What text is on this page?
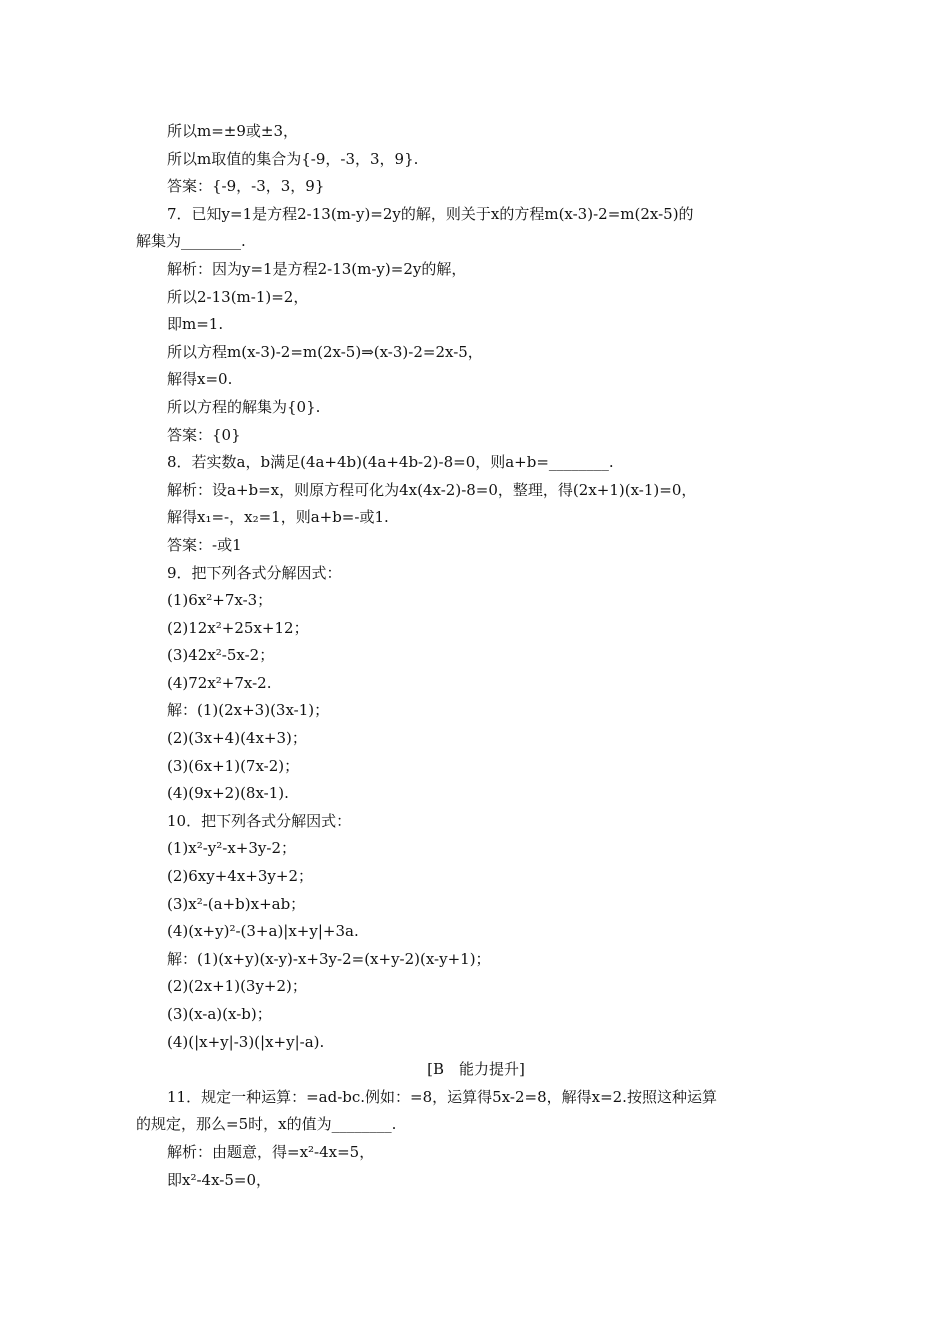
所以m=±9或±3，
所以m取值的集合为{-9，-3，3，9}.
答案：{-9，-3，3，9}
7．已知y=1是方程2-13(m-y)=2y的解，则关于x的方程m(x-3)-2=m(2x-5)的
解集为________.
解析：因为y=1是方程2-13(m-y)=2y的解，
所以2-13(m-1)=2，
即m=1.
所以方程m(x-3)-2=m(2x-5)⇒(x-3)-2=2x-5，
解得x=0.
所以方程的解集为{0}.
答案：{0}
8．若实数a，b满足(4a+4b)(4a+4b-2)-8=0，则a+b=________.
解析：设a+b=x，则原方程可化为4x(4x-2)-8=0，整理，得(2x+1)(x-1)=0，
解得x₁=-，x₂=1，则a+b=-或1.
答案：-或1
9．把下列各式分解因式：
(1)6x²+7x-3；
(2)12x²+25x+12；
(3)42x²-5x-2；
(4)72x²+7x-2.
解：(1)(2x+3)(3x-1)；
(2)(3x+4)(4x+3)；
(3)(6x+1)(7x-2)；
(4)(9x+2)(8x-1).
10．把下列各式分解因式：
(1)x²-y²-x+3y-2；
(2)6xy+4x+3y+2；
(3)x²-(a+b)x+ab；
(4)(x+y)²-(3+a)|x+y|+3a.
解：(1)(x+y)(x-y)-x+3y-2=(x+y-2)(x-y+1)；
(2)(2x+1)(3y+2)；
(3)(x-a)(x-b)；
(4)(|x+y|-3)(|x+y|-a).
[B　能力提升]
11．规定一种运算：=ad-bc.例如：=8，运算得5x-2=8，解得x=2.按照这种运算
的规定，那么=5时，x的值为________.
解析：由题意，得=x²-4x=5，
即x²-4x-5=0，
